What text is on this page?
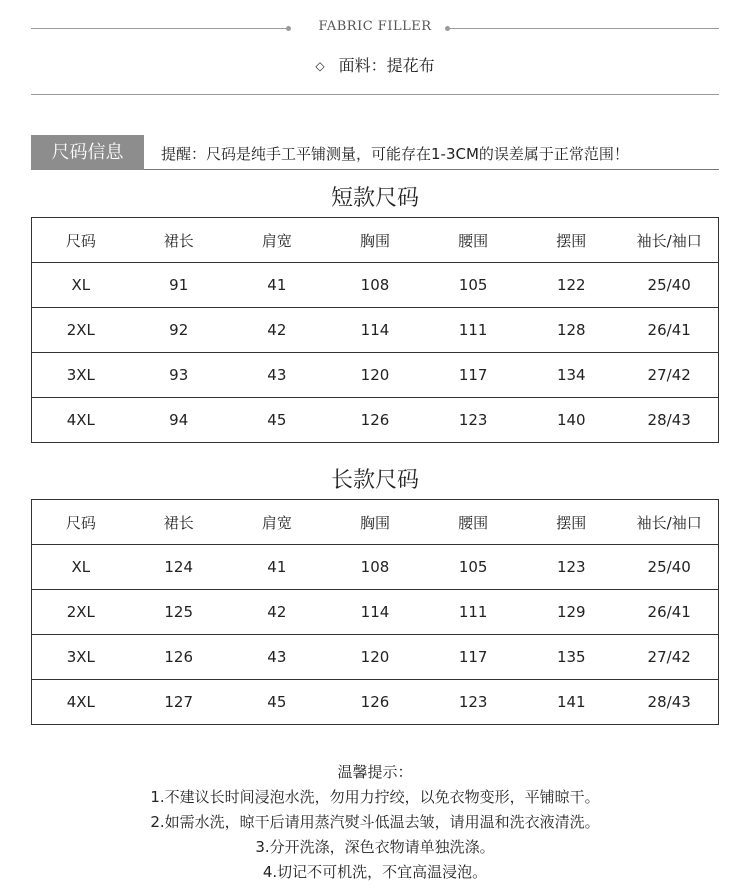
FABRIC FILLER
◇ 面料：提花布
尺码信息	提醒：尺码是纯手工平铺测量，可能存在1-3CM的误差属于正常范围！
短款尺码
尺码	裙长	肩宽	胸围	腰围	摆围	袖长/袖口
XL	91	41	108	105	122	25/40
2XL	92	42	114	111	128	26/41
3XL	93	43	120	117	134	27/42
4XL	94	45	126	123	140	28/43
长款尺码
尺码	裙长	肩宽	胸围	腰围	摆围	袖长/袖口
XL	124	41	108	105	123	25/40
2XL	125	42	114	111	129	26/41
3XL	126	43	120	117	135	27/42
4XL	127	45	126	123	141	28/43
温馨提示：
1.不建议长时间浸泡水洗，勿用力拧绞，以免衣物变形，平铺晾干。
2.如需水洗，晾干后请用蒸汽熨斗低温去皱，请用温和洗衣液清洗。
3.分开洗涤，深色衣物请单独洗涤。
4.切记不可机洗，不宜高温浸泡。
